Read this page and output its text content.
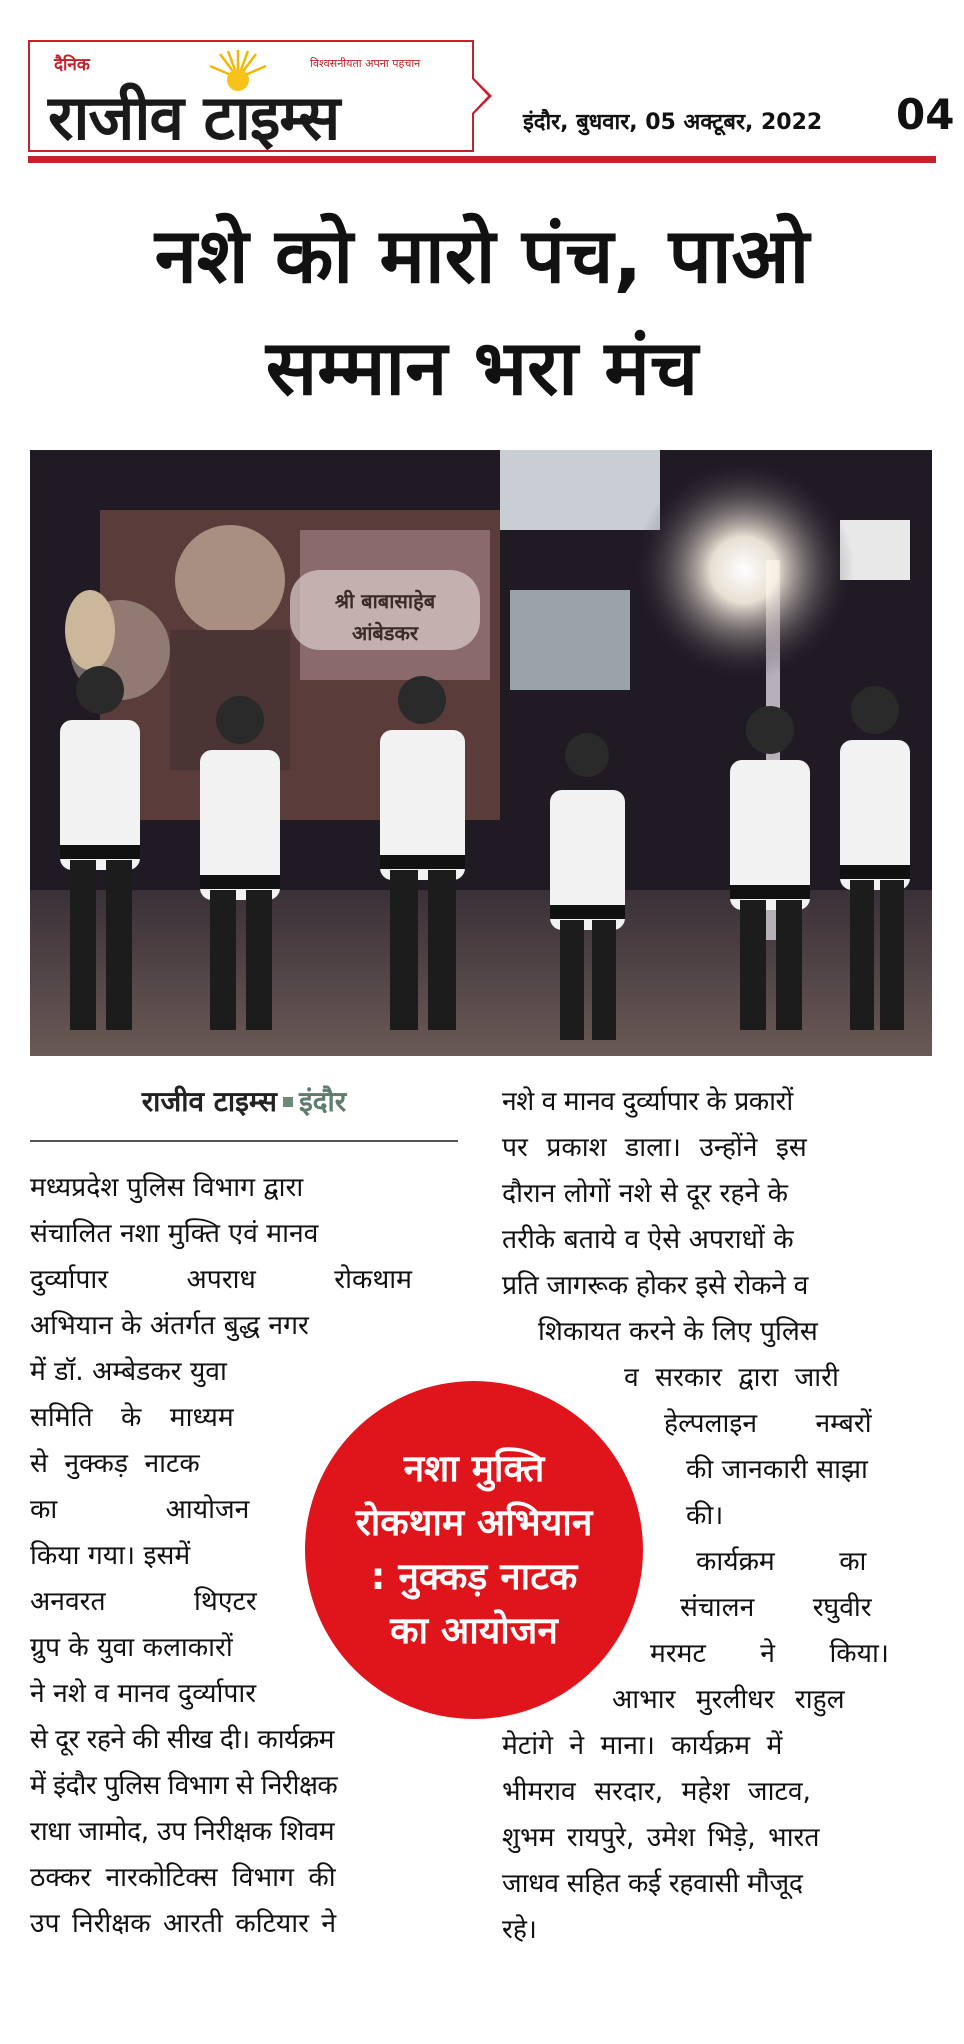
दैनिक	विश्वसनीयता अपना पहचान
राजीव टाइम्स	इंदौर, बुधवार, 05 अक्टूबर, 2022 04
नशे को मारो पंच, पाओ
सम्मान भरा मंच
श्री बाबासाहेब
आंबेडकर
राजीव टाइम्स इंदौर
मध्यप्रदेश पुलिस विभाग द्वारा
संचालित नशा मुक्ति एवं मानव
दुर्व्यापार अपराध रोकथाम
अभियान के अंतर्गत बुद्ध नगर
में डॉ. अम्बेडकर युवा
समिति के माध्यम
से नुक्कड़ नाटक
का आयोजन
किया गया। इसमें
अनवरत थिएटर
ग्रुप के युवा कलाकारों
ने नशे व मानव दुर्व्यापार
से दूर रहने की सीख दी। कार्यक्रम
में इंदौर पुलिस विभाग से निरीक्षक
राधा जामोद, उप निरीक्षक शिवम
ठक्कर नारकोटिक्स विभाग की
उप निरीक्षक आरती कटियार ने
नशे व मानव दुर्व्यापार के प्रकारों
पर प्रकाश डाला। उन्होंने इस
दौरान लोगों नशे से दूर रहने के
तरीके बताये व ऐसे अपराधों के
प्रति जागरूक होकर इसे रोकने व
शिकायत करने के लिए पुलिस
व सरकार द्वारा जारी
हेल्पलाइन नम्बरों
की जानकारी साझा
की।
कार्यक्रम का
संचालन रघुवीर
मरमट ने किया।
आभार मुरलीधर राहुल
मेटांगे ने माना। कार्यक्रम में
भीमराव सरदार, महेश जाटव,
शुभम रायपुरे, उमेश भिड़े, भारत
जाधव सहित कई रहवासी मौजूद
रहे।
नशा मुक्ति
रोकथाम अभियान
: नुक्कड़ नाटक
का आयोजन
